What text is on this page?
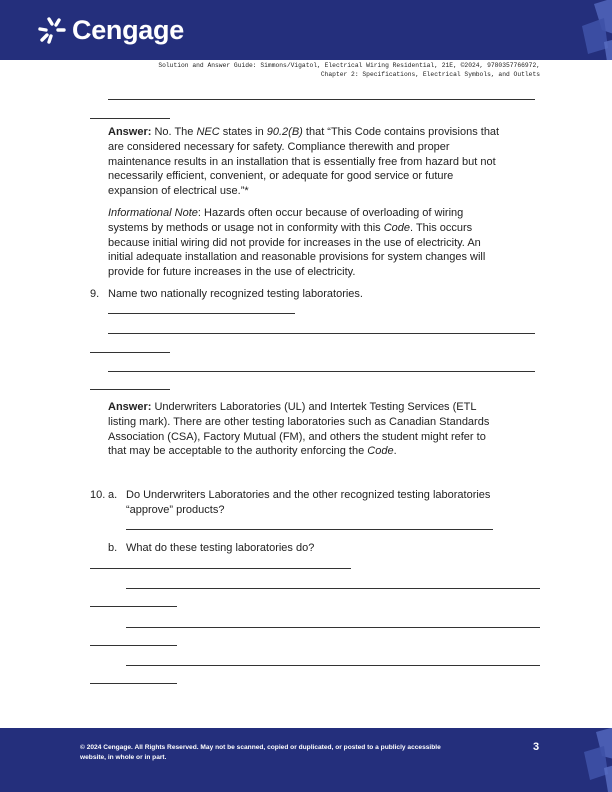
Cengage
Solution and Answer Guide: Simmons/Vigatol, Electrical Wiring Residential, 21E, ©2024, 9780357766972,
Chapter 2: Specifications, Electrical Symbols, and Outlets
Answer: No. The NEC states in 90.2(B) that “This Code contains provisions that
are considered necessary for safety. Compliance therewith and proper
maintenance results in an installation that is essentially free from hazard but not
necessarily efficient, convenient, or adequate for good service or future
expansion of electrical use.”*
Informational Note: Hazards often occur because of overloading of wiring
systems by methods or usage not in conformity with this Code. This occurs
because initial wiring did not provide for increases in the use of electricity. An
initial adequate installation and reasonable provisions for system changes will
provide for future increases in the use of electricity.
9. Name two nationally recognized testing laboratories.
Answer: Underwriters Laboratories (UL) and Intertek Testing Services (ETL
listing mark). There are other testing laboratories such as Canadian Standards
Association (CSA), Factory Mutual (FM), and others the student might refer to
that may be acceptable to the authority enforcing the Code.
10. a. Do Underwriters Laboratories and the other recognized testing laboratories
“approve” products?
b. What do these testing laboratories do?
© 2024 Cengage. All Rights Reserved. May not be scanned, copied or duplicated, or posted to a publicly accessible
website, in whole or in part.
3
